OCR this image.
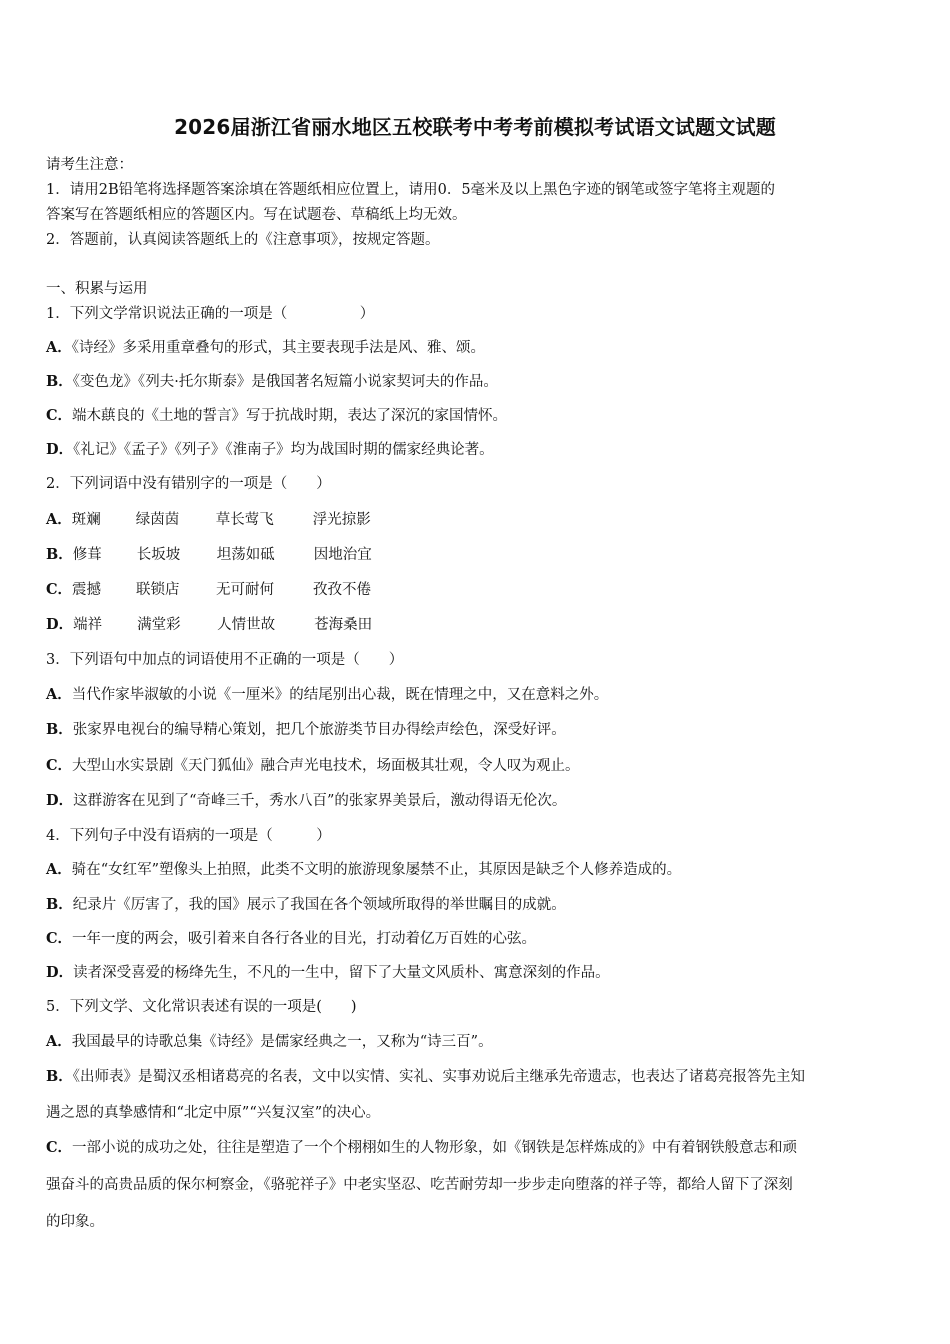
2026届浙江省丽水地区五校联考中考考前模拟考试语文试题文试题
请考生注意：
1．请用2B铅笔将选择题答案涂填在答题纸相应位置上，请用0．5毫米及以上黑色字迹的钢笔或签字笔将主观题的
答案写在答题纸相应的答题区内。写在试题卷、草稿纸上均无效。
2．答题前，认真阅读答题纸上的《注意事项》，按规定答题。
一、积累与运用
1．下列文学常识说法正确的一项是（　　　　　）
A．《诗经》多采用重章叠句的形式，其主要表现手法是风、雅、颂。
B．《变色龙》《列夫·托尔斯泰》是俄国著名短篇小说家契诃夫的作品。
C．端木蕻良的《土地的誓言》写于抗战时期，表达了深沉的家国情怀。
D．《礼记》《孟子》《列子》《淮南子》均为战国时期的儒家经典论著。
2．下列词语中没有错别字的一项是（　　）
A．斑斓 绿茵茵	草长莺飞	浮光掠影
B．修葺 长坂坡	坦荡如砥	因地治宜
C．震撼 联锁店	无可耐何	孜孜不倦
D．端祥 满堂彩	人情世故	苍海桑田
3．下列语句中加点的词语使用不正确的一项是（　　）
A．当代作家毕淑敏的小说《一厘米》的结尾别出心裁，既在情理之中，又在意料之外。
B．张家界电视台的编导精心策划，把几个旅游类节目办得绘声绘色，深受好评。
C．大型山水实景剧《天门狐仙》融合声光电技术，场面极其壮观，令人叹为观止。
D．这群游客在见到了“奇峰三千，秀水八百”的张家界美景后，激动得语无伦次。
4．下列句子中没有语病的一项是（　　　）
A．骑在“女红军”塑像头上拍照，此类不文明的旅游现象屡禁不止，其原因是缺乏个人修养造成的。
B．纪录片《厉害了，我的国》展示了我国在各个领域所取得的举世瞩目的成就。
C．一年一度的两会，吸引着来自各行各业的目光，打动着亿万百姓的心弦。
D．读者深受喜爱的杨绛先生，不凡的一生中，留下了大量文风质朴、寓意深刻的作品。
5．下列文学、文化常识表述有误的一项是(　　)
A．我国最早的诗歌总集《诗经》是儒家经典之一，又称为“诗三百”。
B．《出师表》是蜀汉丞相诸葛亮的名表，文中以实情、实礼、实事劝说后主继承先帝遗志，也表达了诸葛亮报答先主知
遇之恩的真挚感情和“北定中原”“兴复汉室”的决心。
C．一部小说的成功之处，往往是塑造了一个个栩栩如生的人物形象，如《钢铁是怎样炼成的》中有着钢铁般意志和顽
强奋斗的高贵品质的保尔柯察金，《骆驼祥子》中老实坚忍、吃苦耐劳却一步步走向堕落的祥子等，都给人留下了深刻
的印象。
